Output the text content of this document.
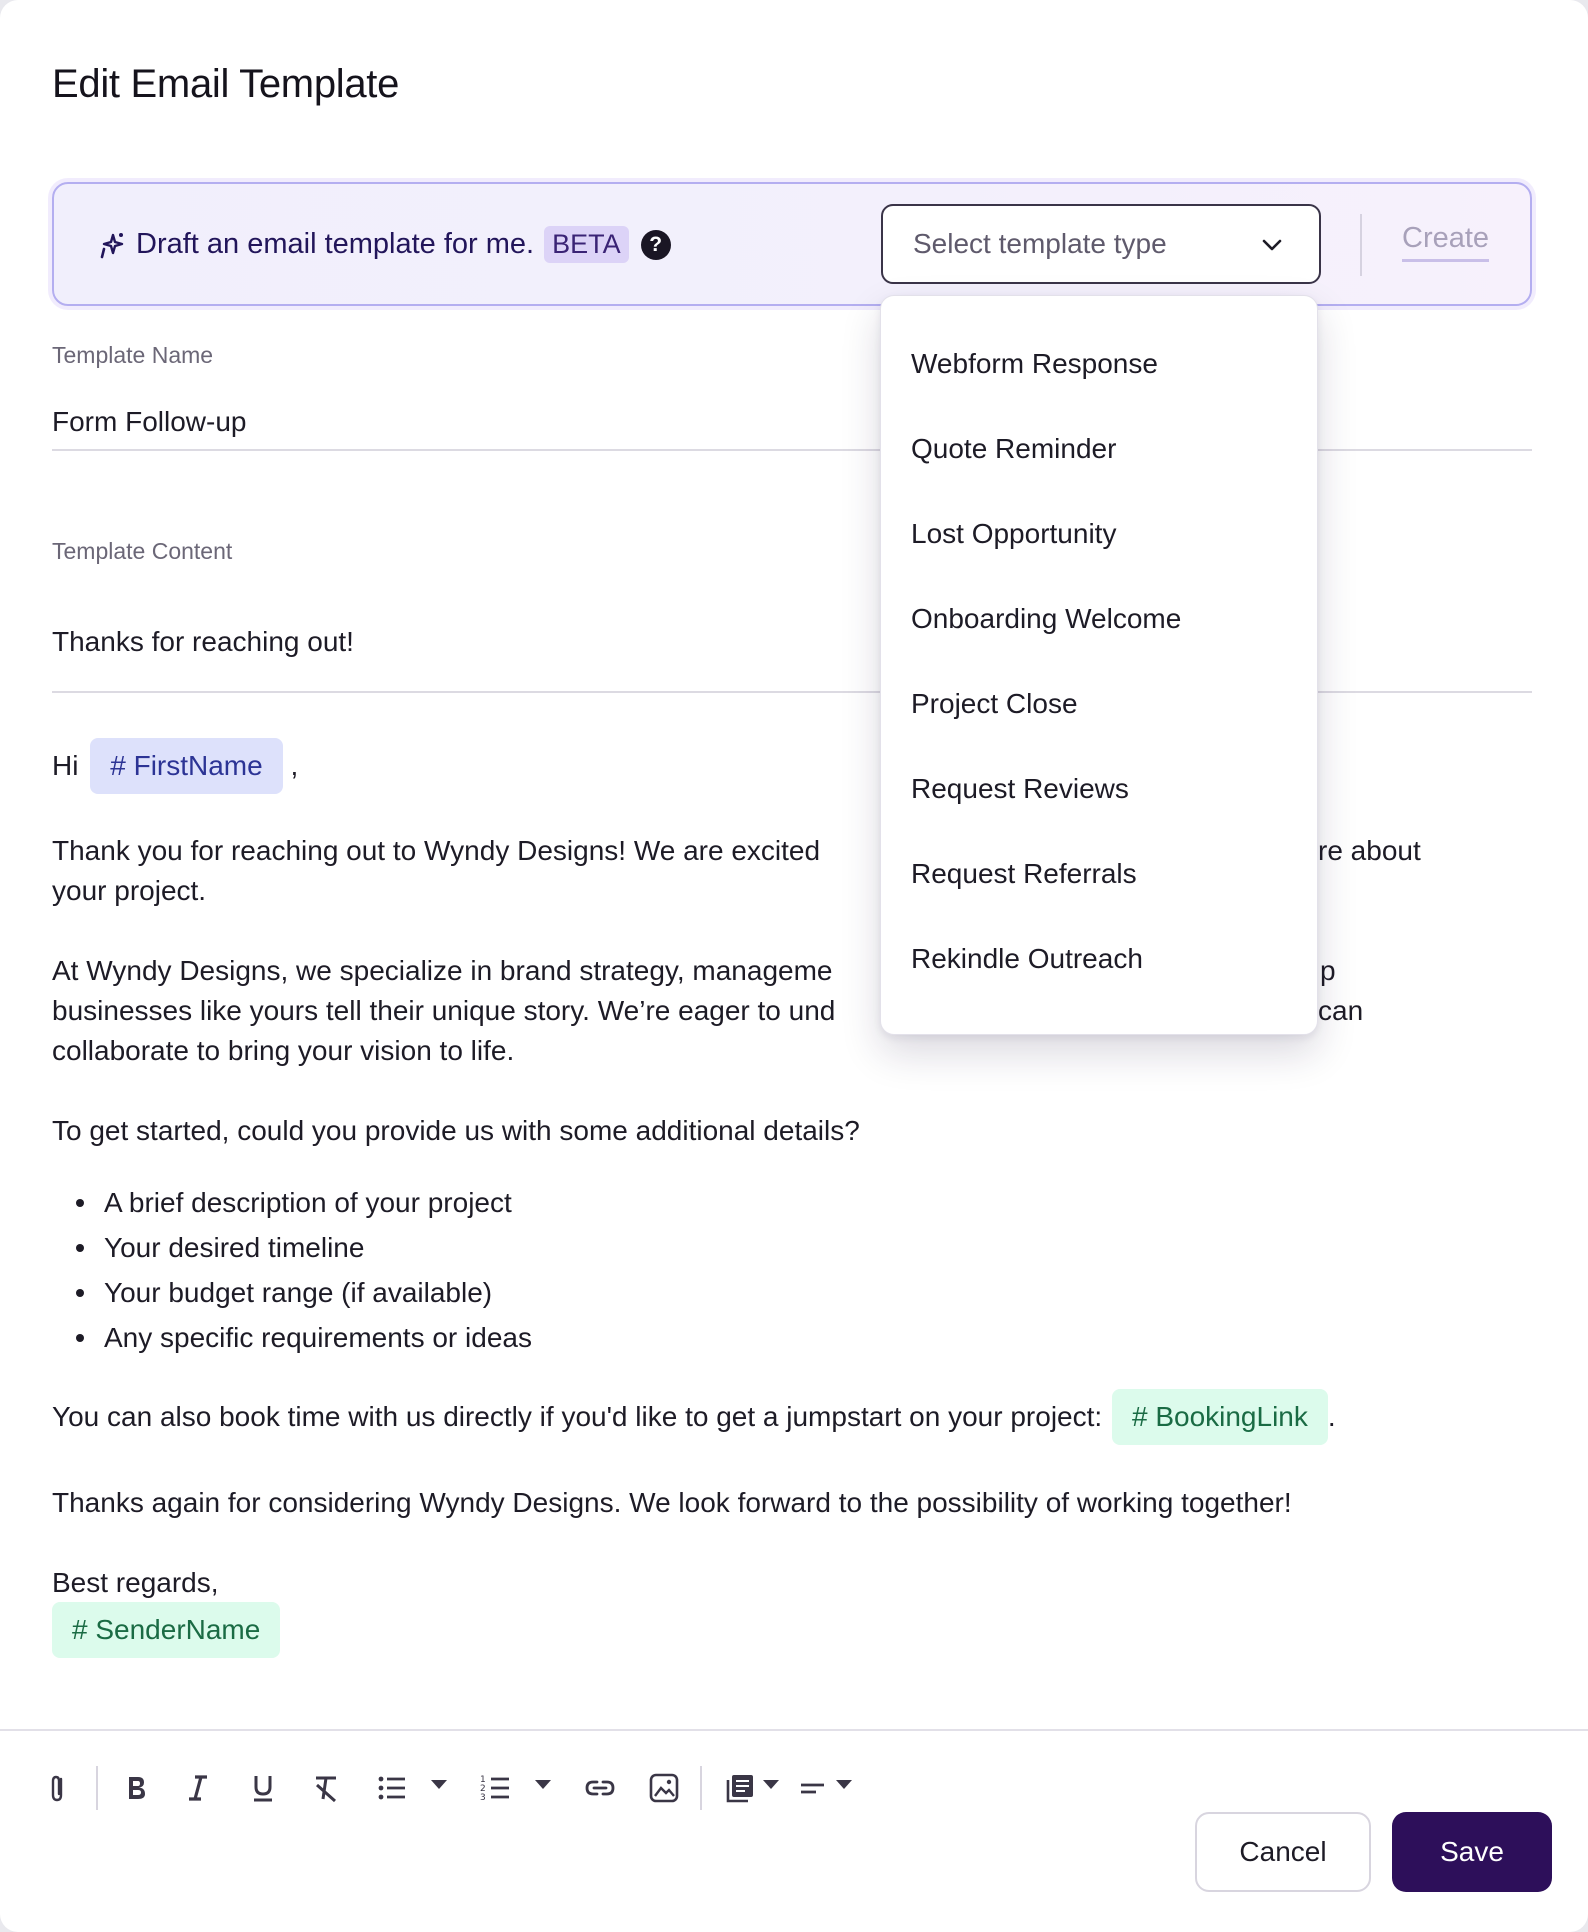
Edit Email Template
Draft an email template for me. BETA	?	Select template type	Create
Template Name
Form Follow-up
Template Content
Thanks for reaching out!
Hi # FirstName ,
Thank you for reaching out to Wyndy Designs! We are excited
your project.
re about
At Wyndy Designs, we specialize in brand strategy, manageme
businesses like yours tell their unique story. We’re eager to und
collaborate to bring your vision to life.
p
can
To get started, could you provide us with some additional details?
A brief description of your project
Your desired timeline
Your budget range (if available)
Any specific requirements or ideas
You can also book time with us directly if you'd like to get a jumpstart on your project: # BookingLink .
Thanks again for considering Wyndy Designs. We look forward to the possibility of working together!
Best regards,
# SenderName
Webform Response
Quote Reminder
Lost Opportunity
Onboarding Welcome
Project Close
Request Reviews
Request Referrals
Rekindle Outreach
1
2
3
Cancel	Save
